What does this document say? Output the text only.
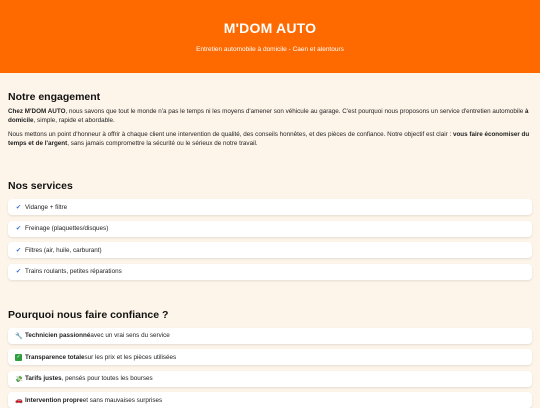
M'DOM AUTO

Entretien automobile à domicile - Caen et alentours

Notre engagement

Chez M'DOM AUTO, nous savons que tout le monde n'a pas le temps ni les moyens d'amener son véhicule au garage. C'est pourquoi nous proposons un service d'entretien automobile à domicile, simple, rapide et abordable.

Nous mettons un point d'honneur à offrir à chaque client une intervention de qualité, des conseils honnêtes, et des pièces de confiance. Notre objectif est clair : vous faire économiser du temps et de l'argent, sans jamais compromettre la sécurité ou le sérieux de notre travail.

Nos services
✔ Vidange + filtre
✔ Freinage (plaquettes/disques)
✔ Filtres (air, huile, carburant)
✔ Trains roulants, petites réparations
Pourquoi nous faire confiance ?
🔧 Technicien passionné avec un vrai sens du service
✓ Transparence totale sur les prix et les pièces utilisées
💸 Tarifs justes , pensés pour toutes les bourses
🚗 Intervention propre et sans mauvaises surprises
